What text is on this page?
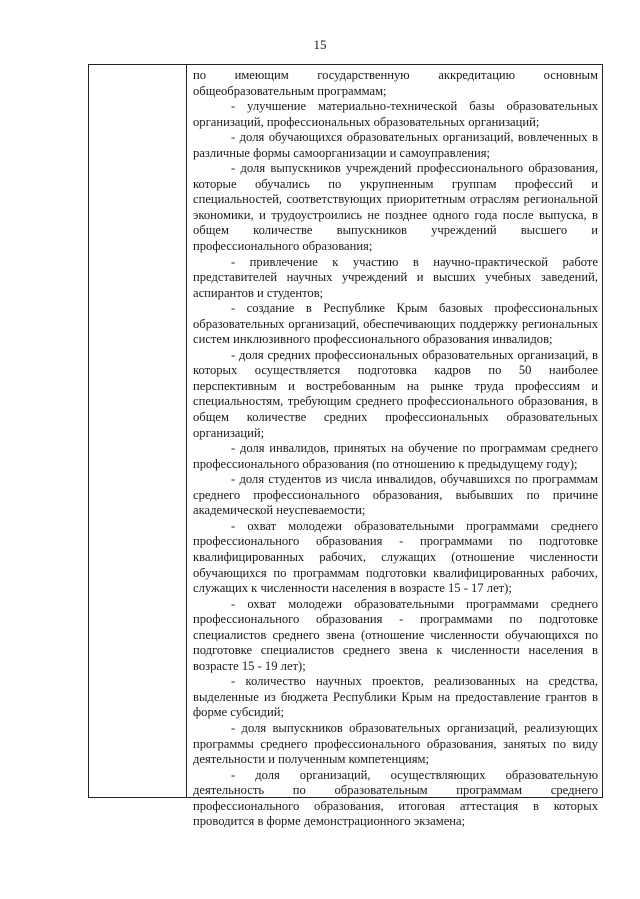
15

по имеющим государственную аккредитацию основным общеобразовательным программам;

- улучшение материально-технической базы образовательных организаций, профессиональных образовательных организаций;

- доля обучающихся образовательных организаций, вовлеченных в различные формы самоорганизации и самоуправления;

- доля выпускников учреждений профессионального образования, которые обучались по укрупненным группам профессий и специальностей, соответствующих приоритетным отраслям региональной экономики, и трудоустроились не позднее одного года после выпуска, в общем количестве выпускников учреждений высшего и профессионального образования;

- привлечение к участию в научно-практической работе представителей научных учреждений и высших учебных заведений, аспирантов и студентов;

- создание в Республике Крым базовых профессиональных образовательных организаций, обеспечивающих поддержку региональных систем инклюзивного профессионального образования инвалидов;

- доля средних профессиональных образовательных организаций, в которых осуществляется подготовка кадров по 50 наиболее перспективным и востребованным на рынке труда профессиям и специальностям, требующим среднего профессионального образования, в общем количестве средних профессиональных образовательных организаций;

- доля инвалидов, принятых на обучение по программам среднего профессионального образования (по отношению к предыдущему году);

- доля студентов из числа инвалидов, обучавшихся по программам среднего профессионального образования, выбывших по причине академической неуспеваемости;

- охват молодежи образовательными программами среднего профессионального образования - программами по подготовке квалифицированных рабочих, служащих (отношение численности обучающихся по программам подготовки квалифицированных рабочих, служащих к численности населения в возрасте 15 - 17 лет);

- охват молодежи образовательными программами среднего профессионального образования - программами по подготовке специалистов среднего звена (отношение численности обучающихся по подготовке специалистов среднего звена к численности населения в возрасте 15 - 19 лет);

- количество научных проектов, реализованных на средства, выделенные из бюджета Республики Крым на предоставление грантов в форме субсидий;

- доля выпускников образовательных организаций, реализующих программы среднего профессионального образования, занятых по виду деятельности и полученным компетенциям;

- доля организаций, осуществляющих образовательную деятельность по образовательным программам среднего профессионального образования, итоговая аттестация в которых проводится в форме демонстрационного экзамена;
